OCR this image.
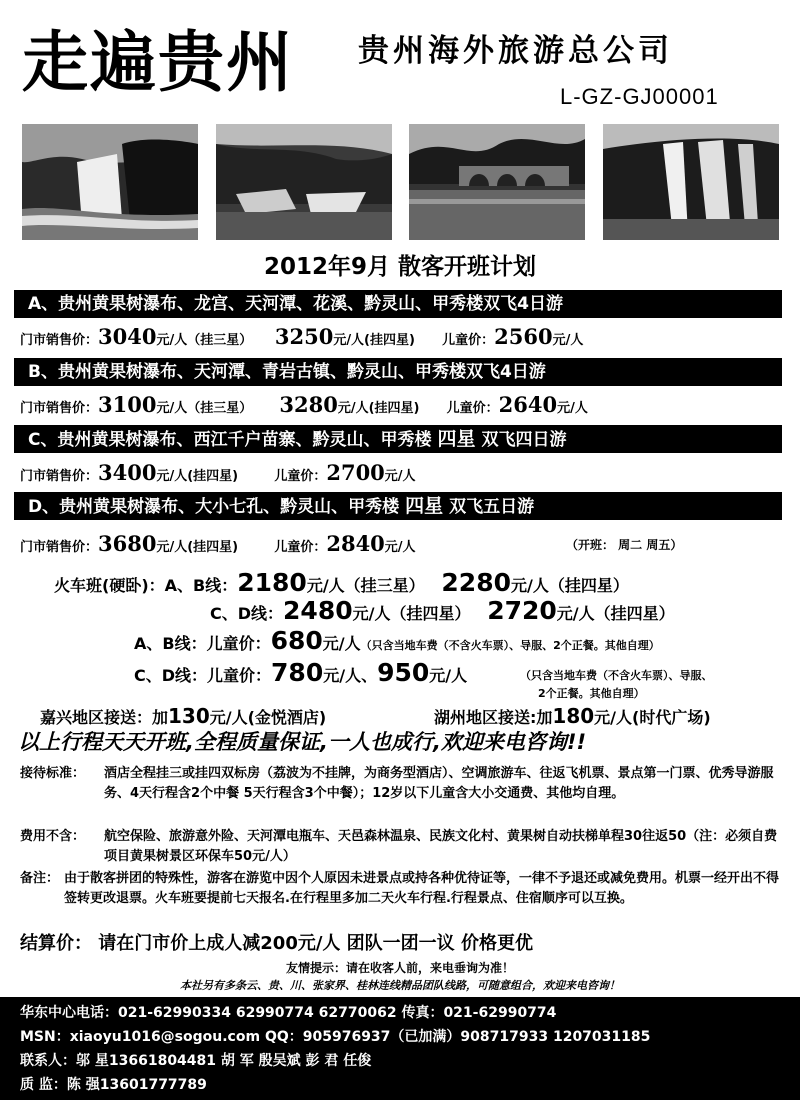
走遍贵州 贵州海外旅游总公司
L-GZ-GJ00001
2012年9月 散客开班计划
A、贵州黄果树瀑布、龙宫、天河潭、花溪、黔灵山、甲秀楼双飞4日游
门市销售价：3040元/人（挂三星） 3250元/人(挂四星) 儿童价：2560元/人
B、贵州黄果树瀑布、天河潭、青岩古镇、黔灵山、甲秀楼双飞4日游
门市销售价：3100元/人（挂三星） 3280元/人(挂四星) 儿童价：2640元/人
C、贵州黄果树瀑布、西江千户苗寨、黔灵山、甲秀楼 四星 双飞四日游
门市销售价：3400元/人(挂四星)	儿童价：2700元/人
D、贵州黄果树瀑布、大小七孔、黔灵山、甲秀楼 四星 双飞五日游
门市销售价：3680元/人(挂四星)	儿童价：2840元/人	（开班： 周二 周五）
火车班(硬卧)：A、B线：2180元/人（挂三星） 2280元/人（挂四星）
C、D线：2480元/人（挂四星） 2720元/人（挂四星）
A、B线：儿童价：680元/人（只含当地车费（不含火车票）、导服、2个正餐。其他自理）
C、D线：儿童价：780元/人、950元/人	（只含当地车费（不含火车票）、导服、
2个正餐。其他自理）
嘉兴地区接送：加130元/人(金悦酒店)	湖州地区接送:加180元/人(时代广场)
以上行程天天开班,全程质量保证,一人也成行,欢迎来电咨询!!
接待标准： 酒店全程挂三或挂四双标房（荔波为不挂牌，为商务型酒店）、空调旅游车、往返飞机票、景点第一门票、优秀导游服务、4天行程含2个中餐 5天行程含3个中餐）；12岁以下儿童含大小交通费、其他均自理。
费用不含： 航空保险、旅游意外险、天河潭电瓶车、天邑森林温泉、民族文化村、黄果树自动扶梯单程30往返50（注：必须自费项目黄果树景区环保车50元/人）
备注： 由于散客拼团的特殊性，游客在游览中因个人原因未进景点或持各种优待证等，一律不予退还或减免费用。机票一经开出不得签转更改退票。火车班要提前七天报名.在行程里多加二天火车行程.行程景点、住宿顺序可以互换。
结算价： 请在门市价上成人减200元/人 团队一团一议 价格更优
友情提示：请在收客人前，来电垂询为准！
本社另有多条云、贵、川、张家界、桂林连线精品团队线路，可随意组合，欢迎来电咨询！
华东中心电话：021-62990334 62990774 62770062 传真：021-62990774
MSN：xiaoyu1016@sogou.com QQ：905976937（已加满）908717933 1207031185
联系人：邬 星13661804481 胡 军 殷吴斌 彭 君 任俊
质 监：陈 强13601777789
